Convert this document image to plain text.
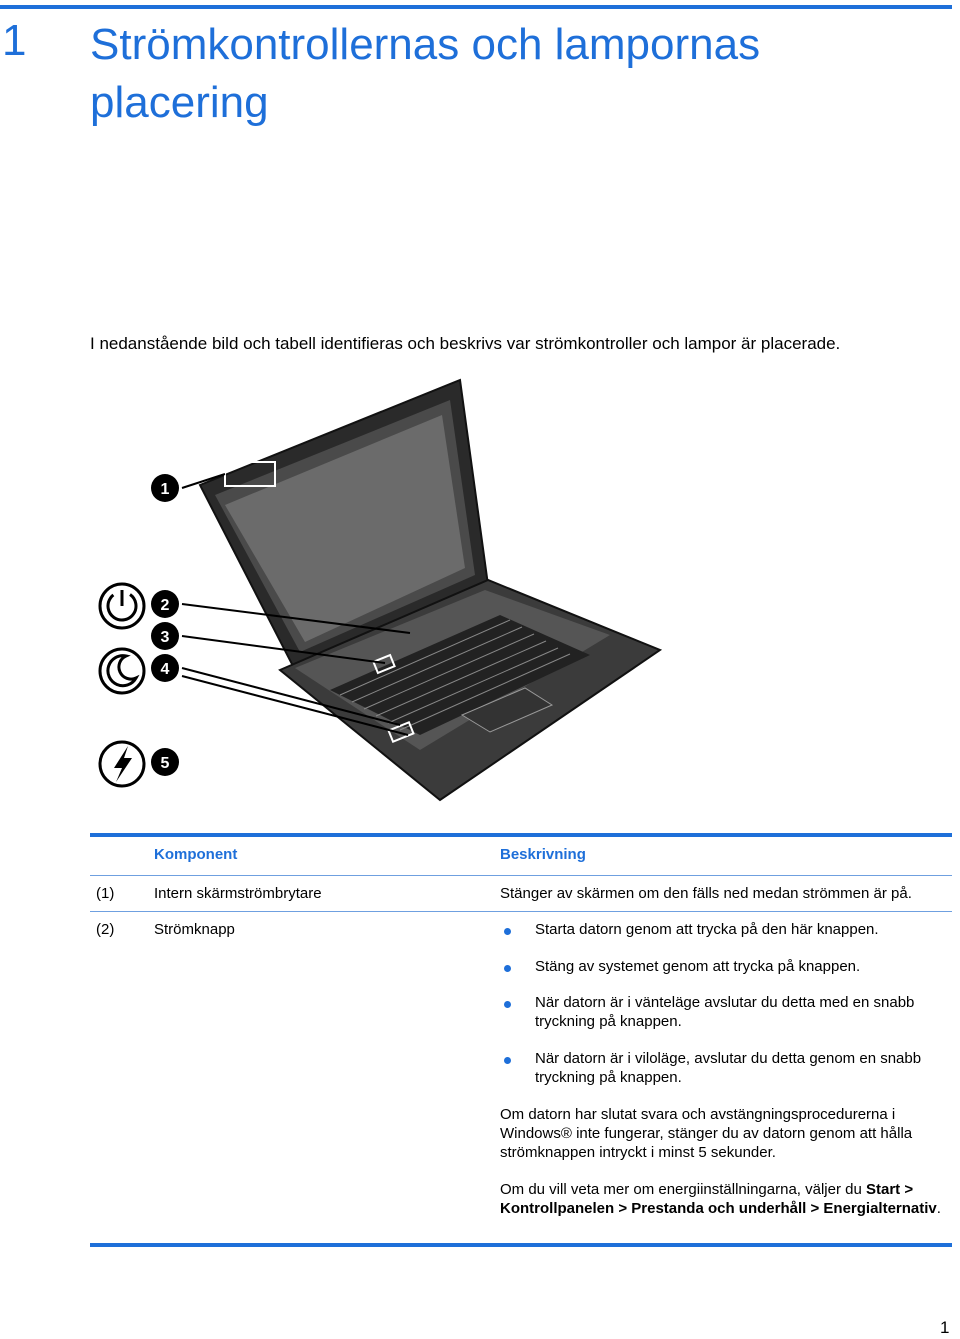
1 Strömkontrollernas och lampornas placering
I nedanstående bild och tabell identifieras och beskrivs var strömkontroller och lampor är placerade.
1
2
3
4
5
Komponent	Beskrivning
(1)	Intern skärmströmbrytare	Stänger av skärmen om den fälls ned medan strömmen är på.
(2)	Strömknapp	Starta datorn genom att trycka på den här knappen.
Stäng av systemet genom att trycka på knappen.
När datorn är i vänteläge avslutar du detta med en snabb tryckning på knappen.
När datorn är i viloläge, avslutar du detta genom en snabb tryckning på knappen.
Om datorn har slutat svara och avstängningsprocedurerna i Windows® inte fungerar, stänger du av datorn genom att hålla strömknappen intryckt i minst 5 sekunder.
Om du vill veta mer om energiinställningarna, väljer du Start > Kontrollpanelen > Prestanda och underhåll > Energialternativ.
1
